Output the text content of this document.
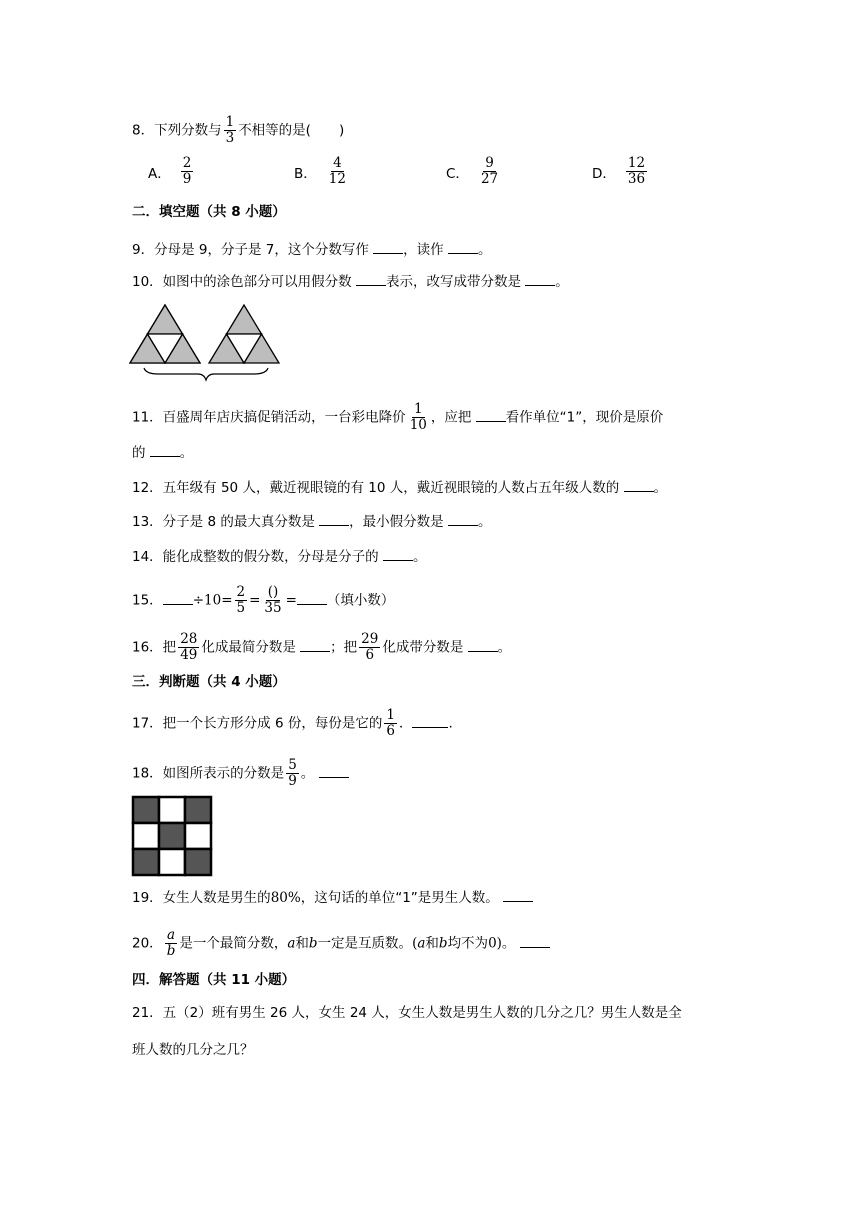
8．下列分数与 $\frac{1}{3}$ 不相等的是( )
A． $\frac{2}{9}$	B． $\frac{4}{12}$	C． $\frac{9}{27}$	D． $\frac{12}{36}$
二．填空题（共 8 小题）
9．分母是 9，分子是 7，这个分数写作 ，读作 。
10．如图中的涂色部分可以用假分数 表示，改写成带分数是 。
11．百盛周年店庆搞促销活动，一台彩电降价 $\frac{1}{10}$ ，应把 看作单位“1”，现价是原价
的 。
12．五年级有 50 人，戴近视眼镜的有 10 人，戴近视眼镜的人数占五年级人数的 。
13．分子是 8 的最大真分数是 ，最小假分数是 。
14．能化成整数的假分数，分母是分子的 。
15． $\div 10= \frac{2}{5} = \frac{()}{35}$ = （填小数）
16．把 $\frac{28}{49}$ 化成最简分数是 ；把 $\frac{29}{6}$ 化成带分数是 。
三．判断题（共 4 小题）
17．把一个长方形分成 6 份，每份是它的 $\frac{1}{6}$ ．	.
18．如图所表示的分数是 $\frac{5}{9}$ 。
19．女生人数是男生的80%，这句话的单位“1”是男生人数。
20． $\frac{a}{b}$ 是一个最简分数，a和b一定是互质数。(a和b均不为0)。
四．解答题（共 11 小题）
21．五（2）班有男生 26 人，女生 24 人，女生人数是男生人数的几分之几？男生人数是全
班人数的几分之几？
